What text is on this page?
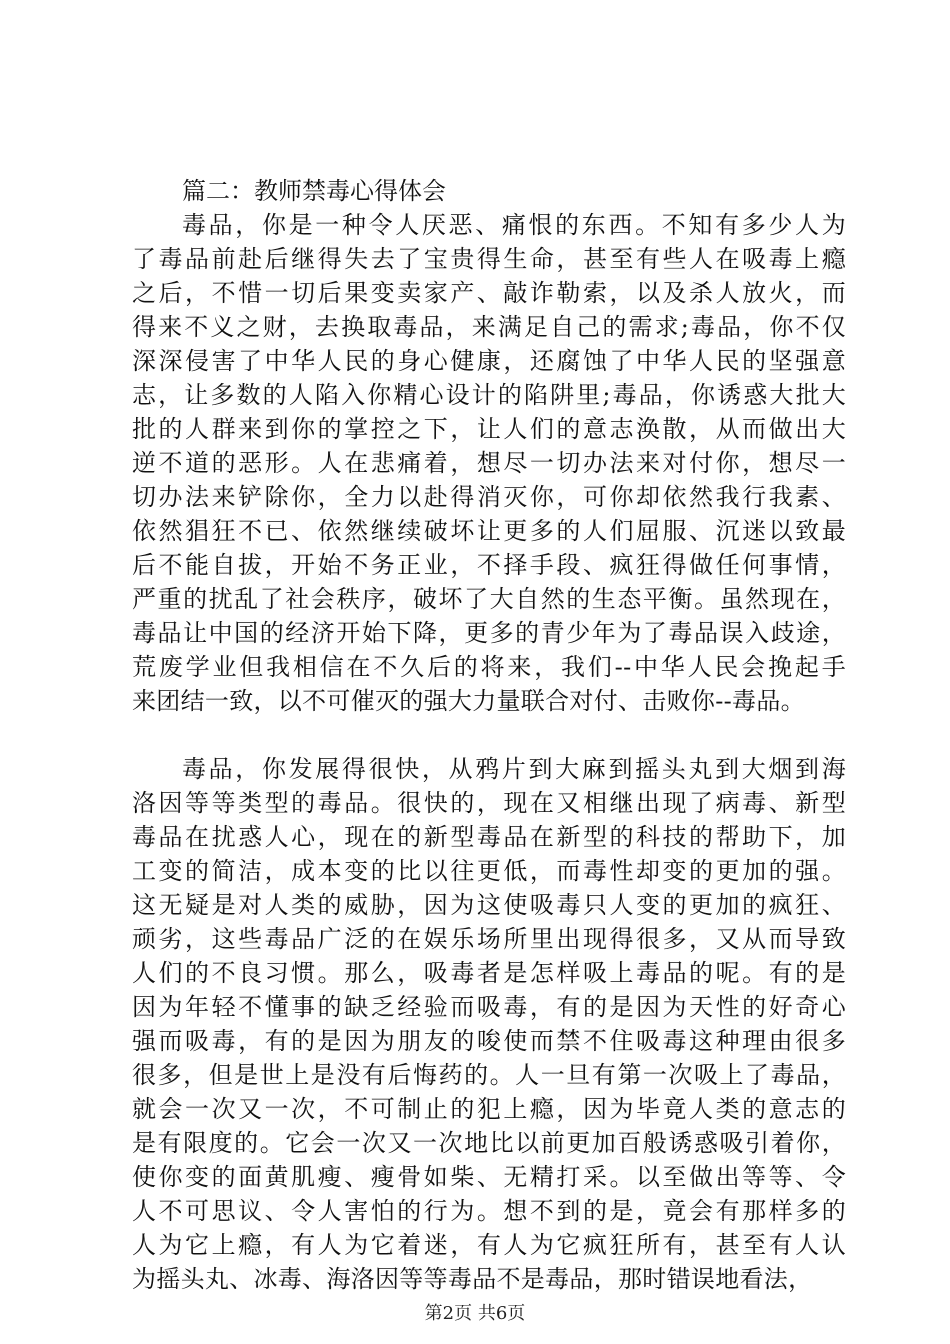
篇二：教师禁毒心得体会
毒品，你是一种令人厌恶、痛恨的东西。不知有多少人为
了毒品前赴后继得失去了宝贵得生命，甚至有些人在吸毒上瘾
之后，不惜一切后果变卖家产、敲诈勒索，以及杀人放火，而
得来不义之财，去换取毒品，来满足自己的需求;毒品，你不仅
深深侵害了中华人民的身心健康，还腐蚀了中华人民的坚强意
志，让多数的人陷入你精心设计的陷阱里;毒品，你诱惑大批大
批的人群来到你的掌控之下，让人们的意志涣散，从而做出大
逆不道的恶形。人在悲痛着，想尽一切办法来对付你，想尽一
切办法来铲除你，全力以赴得消灭你，可你却依然我行我素、
依然猖狂不已、依然继续破坏让更多的人们屈服、沉迷以致最
后不能自拔，开始不务正业，不择手段、疯狂得做任何事情，
严重的扰乱了社会秩序，破坏了大自然的生态平衡。虽然现在，
毒品让中国的经济开始下降，更多的青少年为了毒品误入歧途，
荒废学业但我相信在不久后的将来，我们--中华人民会挽起手
来团结一致，以不可催灭的强大力量联合对付、击败你--毒品。
毒品，你发展得很快，从鸦片到大麻到摇头丸到大烟到海
洛因等等类型的毒品。很快的，现在又相继出现了病毒、新型
毒品在扰惑人心，现在的新型毒品在新型的科技的帮助下，加
工变的简洁，成本变的比以往更低，而毒性却变的更加的强。
这无疑是对人类的威胁，因为这使吸毒只人变的更加的疯狂、
顽劣，这些毒品广泛的在娱乐场所里出现得很多，又从而导致
人们的不良习惯。那么，吸毒者是怎样吸上毒品的呢。有的是
因为年轻不懂事的缺乏经验而吸毒，有的是因为天性的好奇心
强而吸毒，有的是因为朋友的唆使而禁不住吸毒这种理由很多
很多，但是世上是没有后悔药的。人一旦有第一次吸上了毒品，
就会一次又一次，不可制止的犯上瘾，因为毕竟人类的意志的
是有限度的。它会一次又一次地比以前更加百般诱惑吸引着你，
使你变的面黄肌瘦、瘦骨如柴、无精打采。以至做出等等、令
人不可思议、令人害怕的行为。想不到的是，竟会有那样多的
人为它上瘾，有人为它着迷，有人为它疯狂所有，甚至有人认
为摇头丸、冰毒、海洛因等等毒品不是毒品，那时错误地看法，
第2页 共6页
